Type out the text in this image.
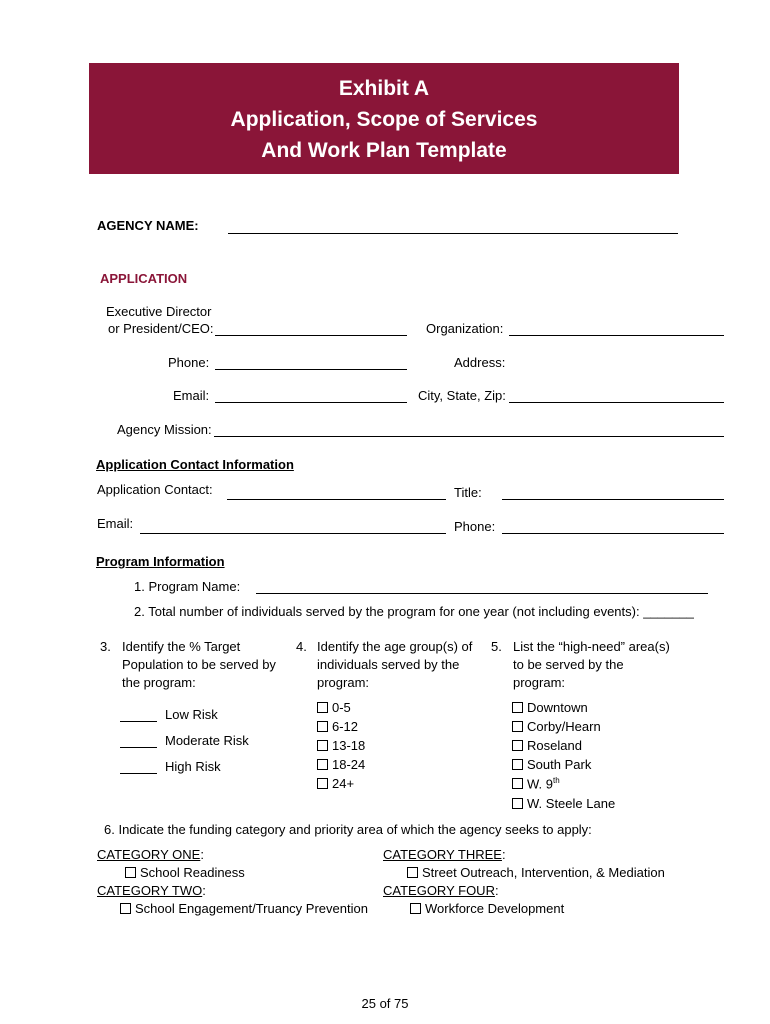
Exhibit A
Application, Scope of Services
And Work Plan Template
AGENCY NAME:
APPLICATION
Executive Director
or President/CEO:	Organization:
Phone:	Address:
Email:	City, State, Zip:
Agency Mission:
Application Contact Information
Application Contact:	Title:
Email:	Phone:
Program Information
1. Program Name:
2. Total number of individuals served by the program for one year (not including events): _______
3. Identify the % Target
Population to be served by
the program:
Low Risk
Moderate Risk
High Risk
4. Identify the age group(s) of
individuals served by the
program:
0-5
6-12
13-18
18-24
24+
5. List the “high-need” area(s)
to be served by the
program:
Downtown
Corby/Hearn
Roseland
South Park
W. 9th
W. Steele Lane
6. Indicate the funding category and priority area of which the agency seeks to apply:
CATEGORY ONE:
School Readiness
CATEGORY TWO:
School Engagement/Truancy Prevention
CATEGORY THREE:
Street Outreach, Intervention, & Mediation
CATEGORY FOUR:
Workforce Development
25 of 75
